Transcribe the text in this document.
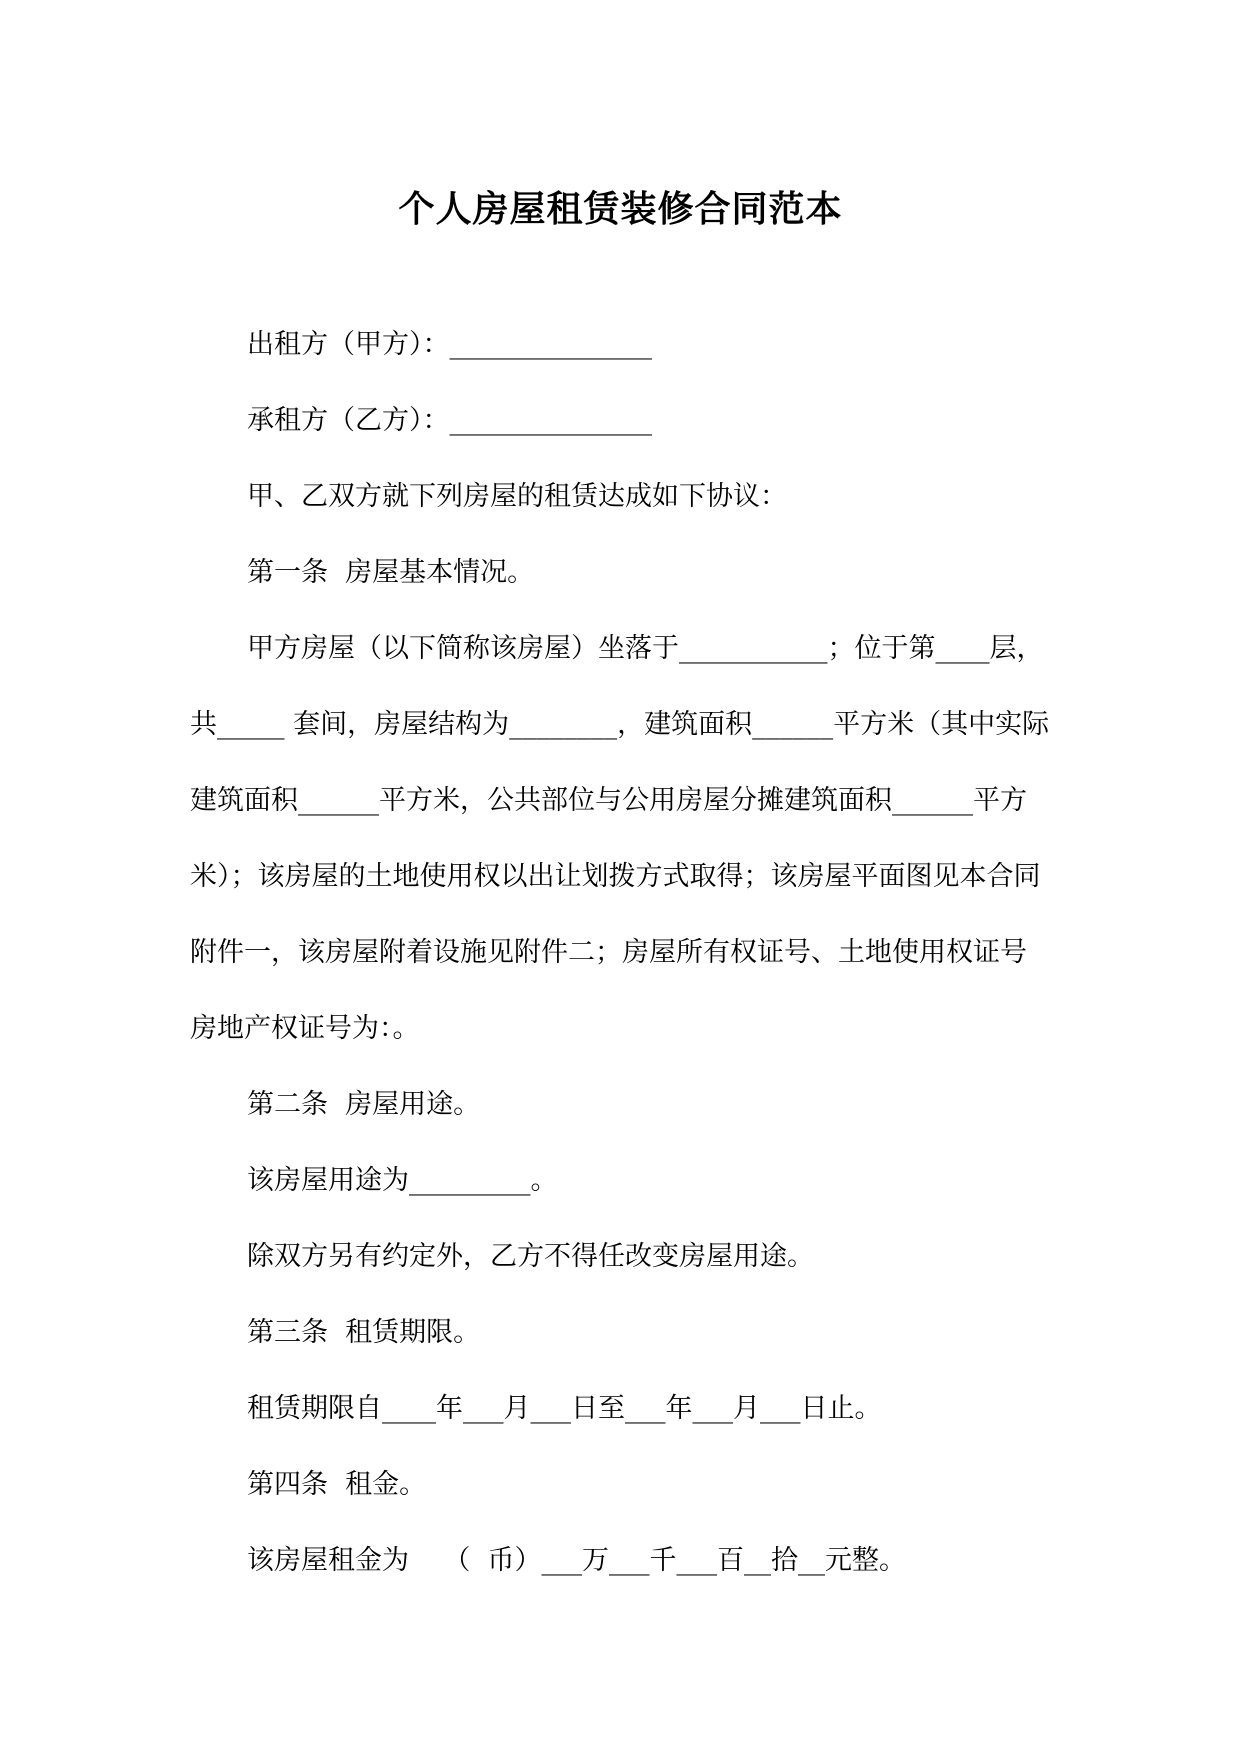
个人房屋租赁装修合同范本

出租方（甲方）：_______________

承租方（乙方）：_______________

甲、乙双方就下列房屋的租赁达成如下协议：

第一条  房屋基本情况。

甲方房屋（以下简称该房屋）坐落于___________；位于第____层，共_____ 套间，房屋结构为________，建筑面积______平方米（其中实际建筑面积______平方米，公共部位与公用房屋分摊建筑面积______平方米）；该房屋的土地使用权以出让划拨方式取得；该房屋平面图见本合同附件一，该房屋附着设施见附件二；房屋所有权证号、土地使用权证号房地产权证号为：。

第二条  房屋用途。

该房屋用途为_________。

除双方另有约定外，乙方不得任改变房屋用途。

第三条  租赁期限。

租赁期限自____年___月___日至___年___月___日止。

第四条  租金。

该房屋租金为    （  币）___万___千___百__拾__元整。
